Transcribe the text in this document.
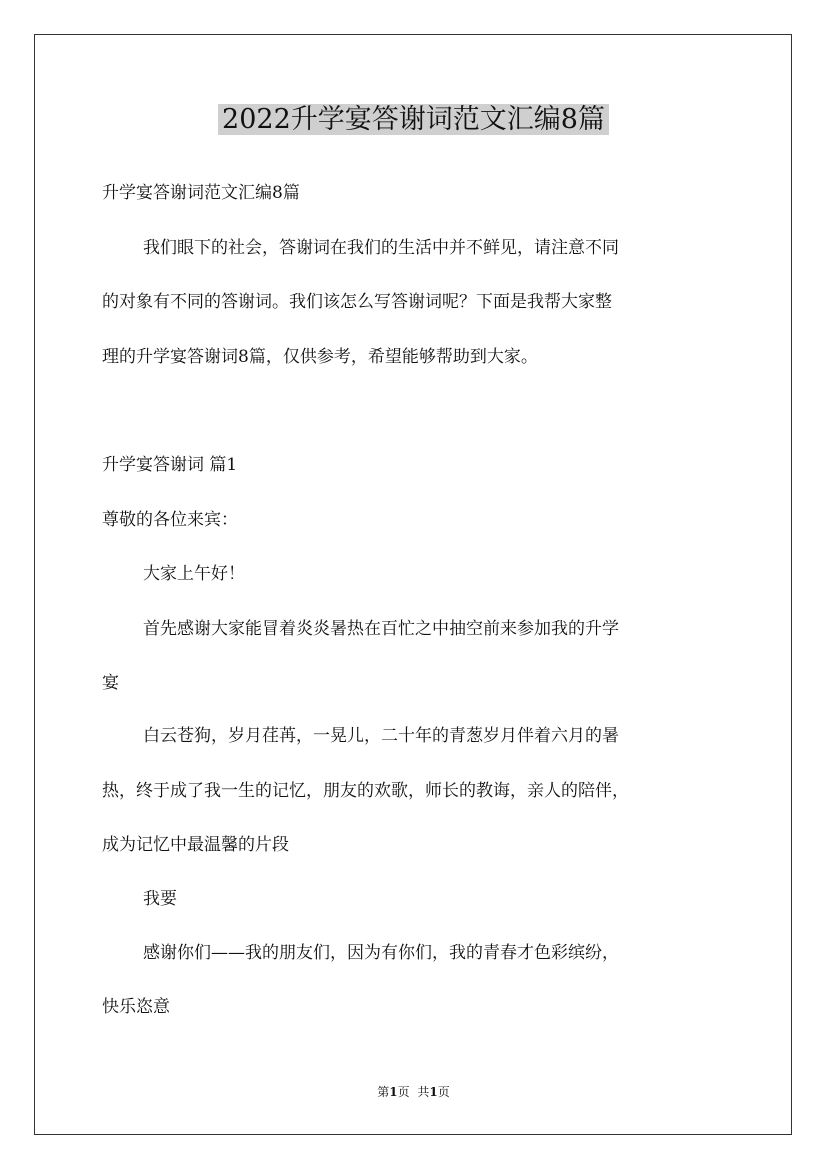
2022升学宴答谢词范文汇编8篇

升学宴答谢词范文汇编8篇

我们眼下的社会，答谢词在我们的生活中并不鲜见，请注意不同

的对象有不同的答谢词。我们该怎么写答谢词呢？下面是我帮大家整

理的升学宴答谢词8篇，仅供参考，希望能够帮助到大家。

升学宴答谢词 篇1

尊敬的各位来宾：

大家上午好！

首先感谢大家能冒着炎炎暑热在百忙之中抽空前来参加我的升学

宴

白云苍狗，岁月荏苒，一晃儿，二十年的青葱岁月伴着六月的暑

热，终于成了我一生的记忆，朋友的欢歌，师长的教诲，亲人的陪伴，

成为记忆中最温馨的片段

我要

感谢你们——我的朋友们，因为有你们，我的青春才色彩缤纷，

快乐恣意

第1页 共1页
